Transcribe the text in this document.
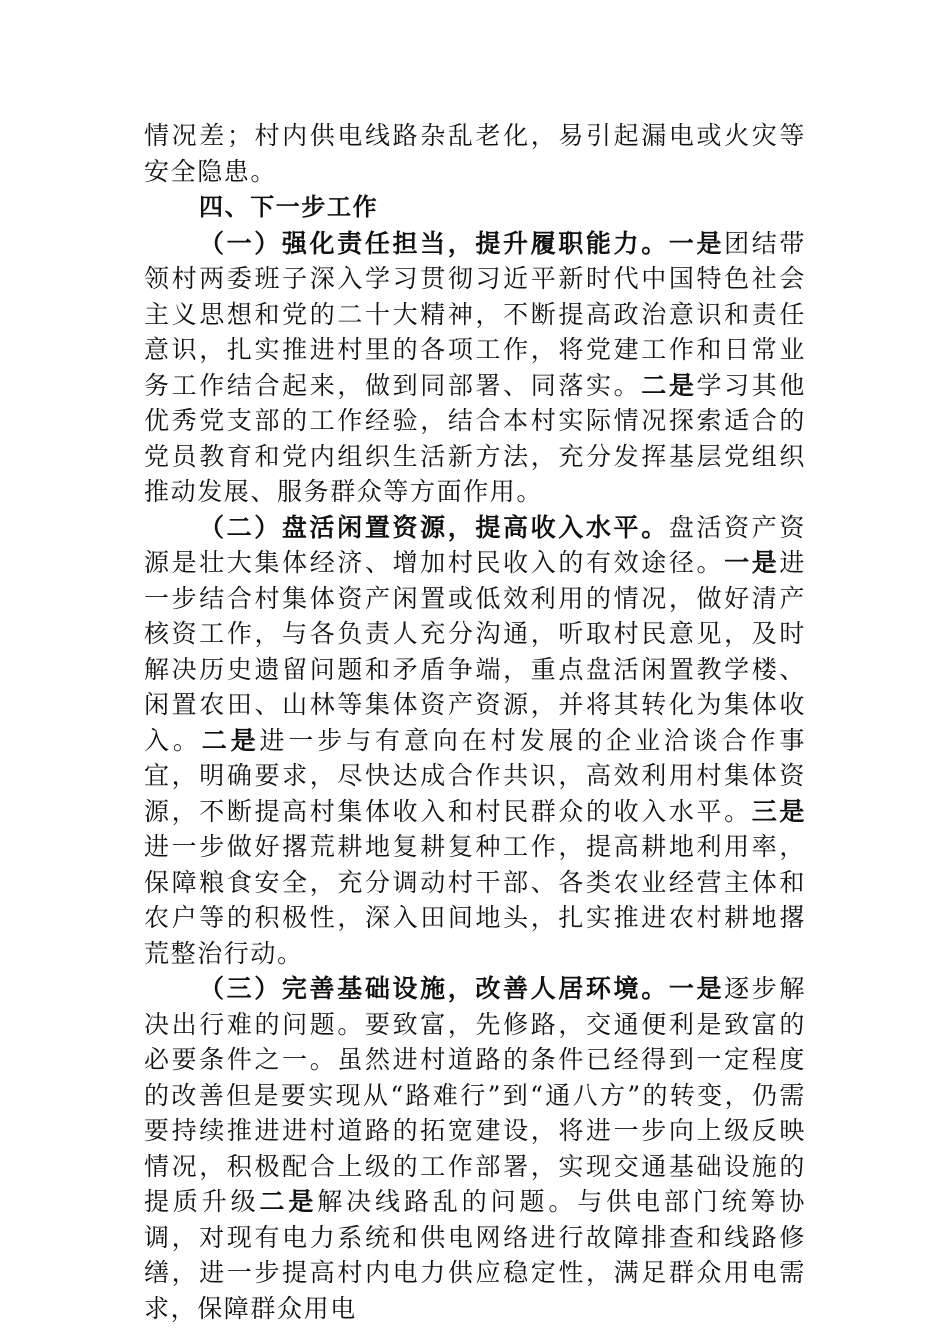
情况差；村内供电线路杂乱老化，易引起漏电或火灾等安全隐患。

四、下一步工作

（一）强化责任担当，提升履职能力。一是团结带领村两委班子深入学习贯彻习近平新时代中国特色社会主义思想和党的二十大精神，不断提高政治意识和责任意识，扎实推进村里的各项工作，将党建工作和日常业务工作结合起来，做到同部署、同落实。二是学习其他优秀党支部的工作经验，结合本村实际情况探索适合的党员教育和党内组织生活新方法，充分发挥基层党组织推动发展、服务群众等方面作用。

（二）盘活闲置资源，提高收入水平。盘活资产资源是壮大集体经济、增加村民收入的有效途径。一是进一步结合村集体资产闲置或低效利用的情况，做好清产核资工作，与各负责人充分沟通，听取村民意见，及时解决历史遗留问题和矛盾争端，重点盘活闲置教学楼、闲置农田、山林等集体资产资源，并将其转化为集体收入。二是进一步与有意向在村发展的企业洽谈合作事宜，明确要求，尽快达成合作共识，高效利用村集体资源，不断提高村集体收入和村民群众的收入水平。三是进一步做好撂荒耕地复耕复种工作，提高耕地利用率，保障粮食安全，充分调动村干部、各类农业经营主体和农户等的积极性，深入田间地头，扎实推进农村耕地撂荒整治行动。

（三）完善基础设施，改善人居环境。一是逐步解决出行难的问题。要致富，先修路，交通便利是致富的必要条件之一。虽然进村道路的条件已经得到一定程度的改善但是要实现从“路难行”到“通八方”的转变，仍需要持续推进进村道路的拓宽建设，将进一步向上级反映情况，积极配合上级的工作部署，实现交通基础设施的提质升级二是解决线路乱的问题。与供电部门统筹协调，对现有电力系统和供电网络进行故障排查和线路修缮，进一步提高村内电力供应稳定性，满足群众用电需求，保障群众用电
